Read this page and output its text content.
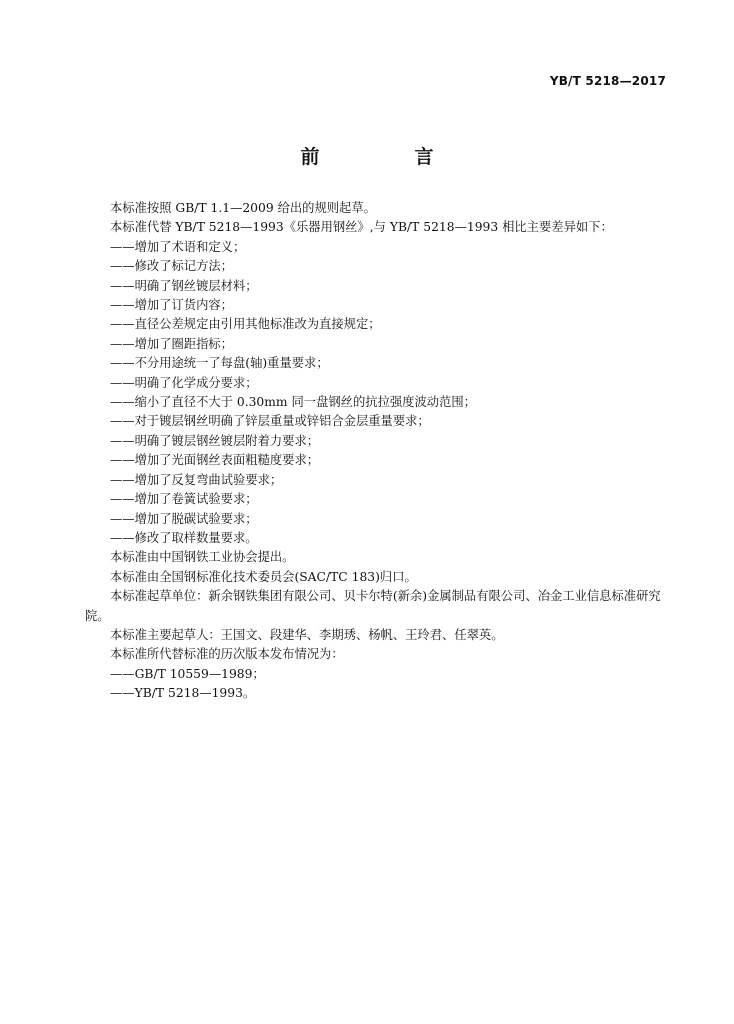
YB/T 5218—2017
前　言

本标准按照 GB/T 1.1—2009 给出的规则起草。

本标准代替 YB/T 5218—1993《乐器用钢丝》,与 YB/T 5218—1993 相比主要差异如下：

——增加了术语和定义；

——修改了标记方法；

——明确了钢丝镀层材料；

——增加了订货内容；

——直径公差规定由引用其他标准改为直接规定；

——增加了圈距指标；

——不分用途统一了每盘(轴)重量要求；

——明确了化学成分要求；

——缩小了直径不大于 0.30mm 同一盘钢丝的抗拉强度波动范围；

——对于镀层钢丝明确了锌层重量或锌铝合金层重量要求；

——明确了镀层钢丝镀层附着力要求；

——增加了光面钢丝表面粗糙度要求；

——增加了反复弯曲试验要求；

——增加了卷簧试验要求；

——增加了脱碳试验要求；

——修改了取样数量要求。

本标准由中国钢铁工业协会提出。

本标准由全国钢标准化技术委员会(SAC/TC 183)归口。

本标准起草单位：新余钢铁集团有限公司、贝卡尔特(新余)金属制品有限公司、冶金工业信息标准研究院。

本标准主要起草人：王国文、段建华、李期琇、杨帆、王玲君、任翠英。

本标准所代替标准的历次版本发布情况为：

——GB/T 10559—1989；

——YB/T 5218—1993。
